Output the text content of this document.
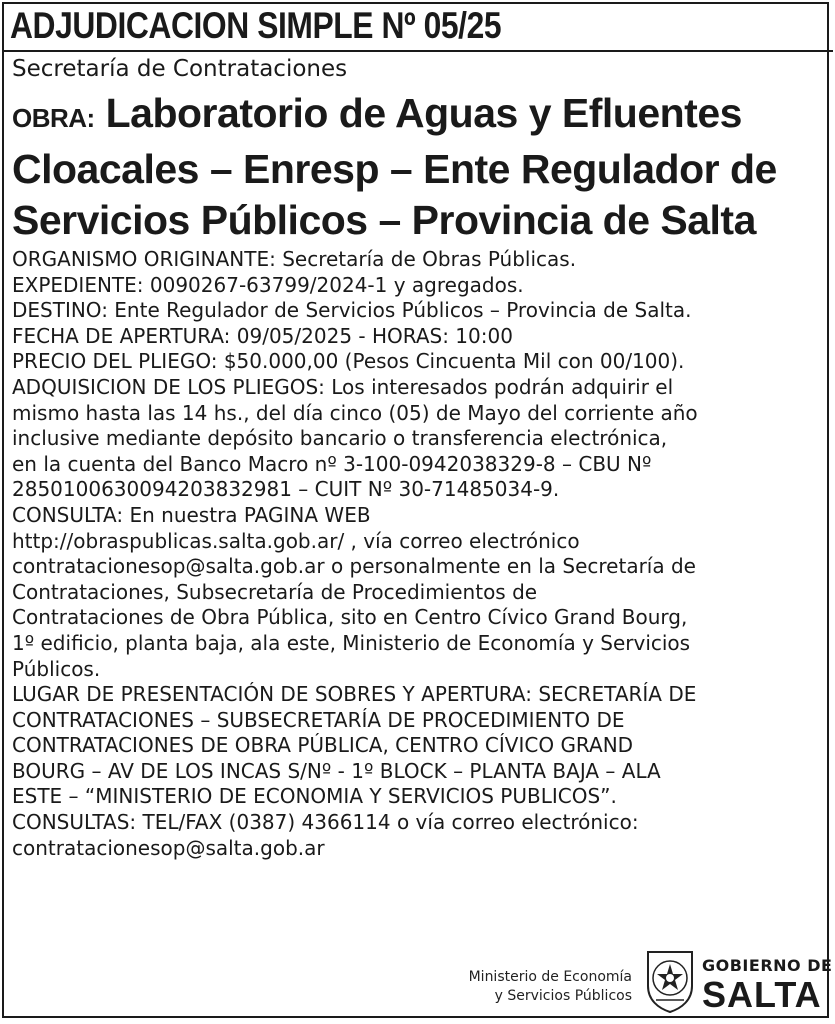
ADJUDICACION SIMPLE Nº 05/25
Secretaría de Contrataciones
OBRA: Laboratorio de Aguas y Efluentes
Cloacales – Enresp – Ente Regulador de
Servicios Públicos – Provincia de Salta
ORGANISMO ORIGINANTE: Secretaría de Obras Públicas.
EXPEDIENTE: 0090267-63799/2024-1 y agregados.
DESTINO: Ente Regulador de Servicios Públicos – Provincia de Salta.
FECHA DE APERTURA: 09/05/2025 - HORAS: 10:00
PRECIO DEL PLIEGO: $50.000,00 (Pesos Cincuenta Mil con 00/100).
ADQUISICION DE LOS PLIEGOS: Los interesados podrán adquirir el
mismo hasta las 14 hs., del día cinco (05) de Mayo del corriente año
inclusive mediante depósito bancario o transferencia electrónica,
en la cuenta del Banco Macro nº 3-100-0942038329-8 – CBU Nº
2850100630094203832981 – CUIT Nº 30-71485034-9.
CONSULTA: En nuestra PAGINA WEB
http://obraspublicas.salta.gob.ar/ , vía correo electrónico
contratacionesop@salta.gob.ar o personalmente en la Secretaría de
Contrataciones, Subsecretaría de Procedimientos de
Contrataciones de Obra Pública, sito en Centro Cívico Grand Bourg,
1º edificio, planta baja, ala este, Ministerio de Economía y Servicios
Públicos.
LUGAR DE PRESENTACIÓN DE SOBRES Y APERTURA: SECRETARÍA DE
CONTRATACIONES – SUBSECRETARÍA DE PROCEDIMIENTO DE
CONTRATACIONES DE OBRA PÚBLICA, CENTRO CÍVICO GRAND
BOURG – AV DE LOS INCAS S/Nº - 1º BLOCK – PLANTA BAJA – ALA
ESTE – “MINISTERIO DE ECONOMIA Y SERVICIOS PUBLICOS”.
CONSULTAS: TEL/FAX (0387) 4366114 o vía correo electrónico:
contratacionesop@salta.gob.ar
Ministerio de Economía
y Servicios Públicos
GOBIERNO DE
SALTA
